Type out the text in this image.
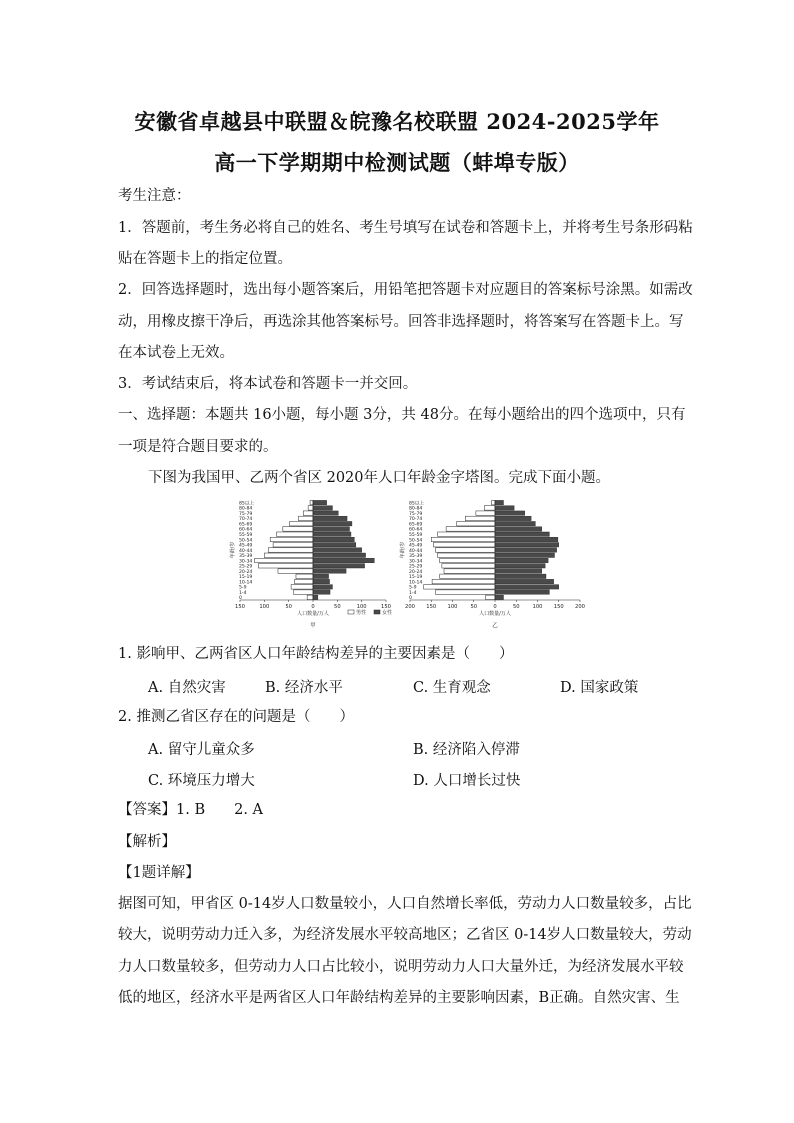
安徽省卓越县中联盟＆皖豫名校联盟 2024-2025学年
高一下学期期中检测试题（蚌埠专版）
考生注意：
1．答题前，考生务必将自己的姓名、考生号填写在试卷和答题卡上，并将考生号条形码粘
贴在答题卡上的指定位置。
2．回答选择题时，选出每小题答案后，用铅笔把答题卡对应题目的答案标号涂黑。如需改
动，用橡皮擦干净后，再选涂其他答案标号。回答非选择题时，将答案写在答题卡上。写
在本试卷上无效。
3．考试结束后，将本试卷和答题卡一并交回。
一、选择题：本题共 16小题，每小题 3分，共 48分。在每小题给出的四个选项中，只有
一项是符合题目要求的。
下图为我国甲、乙两个省区 2020年人口年龄金字塔图。完成下面小题。
0
1-4
5-9
10-14
15-19
20-24
25-29
30-34
35-39
40-44
45-49
50-54
55-59
60-64
65-69
70-74
75-79
80-84
85以上
年龄/岁
150	100	50	0	50	100	150
人口数量/万人
甲
0
1-4
5-9
10-14
15-19
20-24
25-29
30-34
35-39
40-44
45-49
50-54
55-59
60-64
65-69
70-74
75-79
80-84
85以上
年龄/岁
200 150 100 50	0	50 100 150 200
人口数量/万人
乙
男性	女性
1. 影响甲、乙两省区人口年龄结构差异的主要因素是（　　）
A. 自然灾害	B. 经济水平	C. 生育观念	D. 国家政策
2. 推测乙省区存在的问题是（　　）
A. 留守儿童众多	B. 经济陷入停滞
C. 环境压力增大	D. 人口增长过快
【答案】1. B　　2. A
【解析】
【1题详解】
据图可知，甲省区 0-14岁人口数量较小，人口自然增长率低，劳动力人口数量较多，占比
较大，说明劳动力迁入多，为经济发展水平较高地区；乙省区 0-14岁人口数量较大，劳动
力人口数量较多，但劳动力人口占比较小，说明劳动力人口大量外迁，为经济发展水平较
低的地区，经济水平是两省区人口年龄结构差异的主要影响因素，B正确。自然灾害、生
